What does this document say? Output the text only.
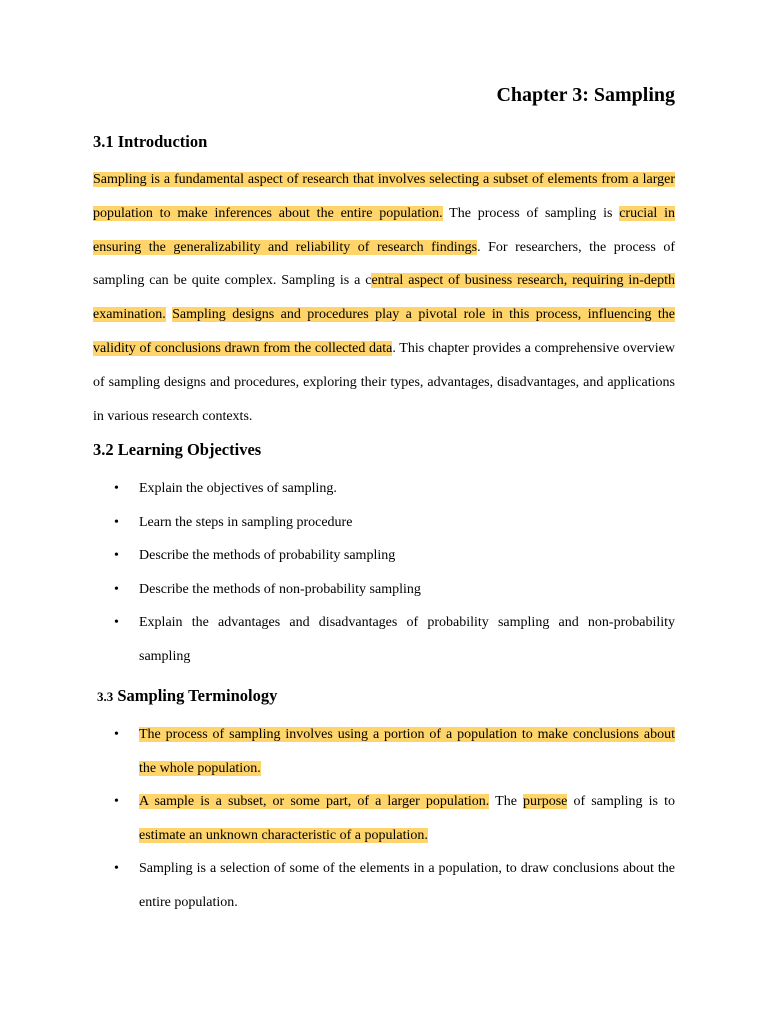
Chapter 3: Sampling
3.1 Introduction

Sampling is a fundamental aspect of research that involves selecting a subset of elements from a larger population to make inferences about the entire population. The process of sampling is crucial in ensuring the generalizability and reliability of research findings. For researchers, the process of sampling can be quite complex. Sampling is a central aspect of business research, requiring in-depth examination. Sampling designs and procedures play a pivotal role in this process, influencing the validity of conclusions drawn from the collected data. This chapter provides a comprehensive overview of sampling designs and procedures, exploring their types, advantages, disadvantages, and applications in various research contexts.

3.2 Learning Objectives
• Explain the objectives of sampling.
• Learn the steps in sampling procedure
• Describe the methods of probability sampling
• Describe the methods of non-probability sampling
• Explain the advantages and disadvantages of probability sampling and non-probability sampling
3.3 Sampling Terminology
• The process of sampling involves using a portion of a population to make conclusions about the whole population.
• A sample is a subset, or some part, of a larger population. The purpose of sampling is to estimate an unknown characteristic of a population.
• Sampling is a selection of some of the elements in a population, to draw conclusions about the entire population.
